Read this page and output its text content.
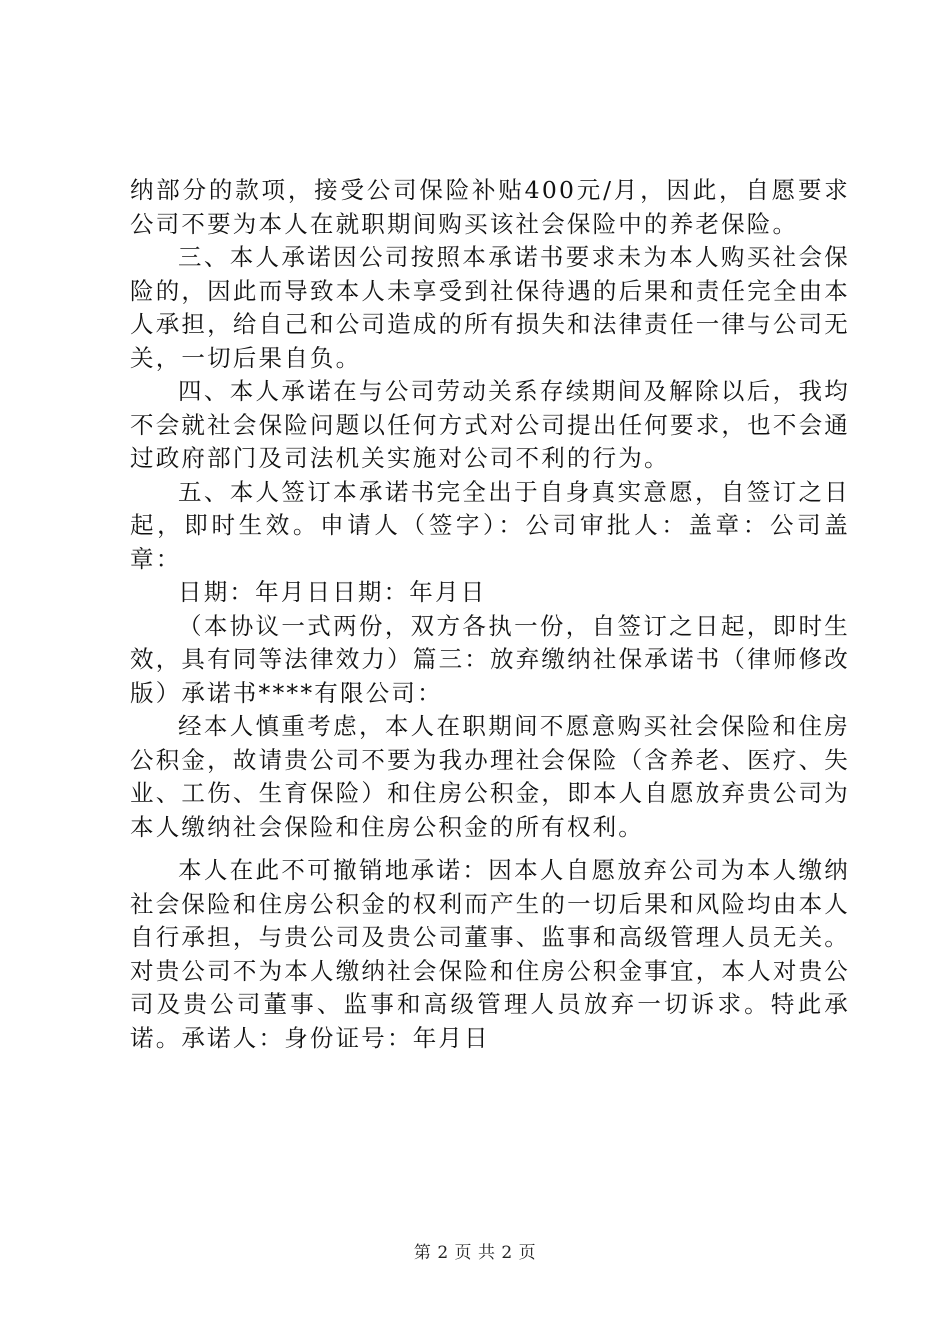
纳部分的款项，接受公司保险补贴400元/月，因此，自愿要求公司不要为本人在就职期间购买该社会保险中的养老保险。

三、本人承诺因公司按照本承诺书要求未为本人购买社会保险的，因此而导致本人未享受到社保待遇的后果和责任完全由本人承担，给自己和公司造成的所有损失和法律责任一律与公司无关，一切后果自负。

四、本人承诺在与公司劳动关系存续期间及解除以后，我均不会就社会保险问题以任何方式对公司提出任何要求，也不会通过政府部门及司法机关实施对公司不利的行为。

五、本人签订本承诺书完全出于自身真实意愿，自签订之日起，即时生效。申请人（签字）：公司审批人：盖章：公司盖章：

日期：年月日日期：年月日

（本协议一式两份，双方各执一份，自签订之日起，即时生效，具有同等法律效力）篇三：放弃缴纳社保承诺书（律师修改版）承诺书****有限公司：

经本人慎重考虑，本人在职期间不愿意购买社会保险和住房公积金，故请贵公司不要为我办理社会保险（含养老、医疗、失业、工伤、生育保险）和住房公积金，即本人自愿放弃贵公司为本人缴纳社会保险和住房公积金的所有权利。

本人在此不可撤销地承诺：因本人自愿放弃公司为本人缴纳社会保险和住房公积金的权利而产生的一切后果和风险均由本人自行承担，与贵公司及贵公司董事、监事和高级管理人员无关。对贵公司不为本人缴纳社会保险和住房公积金事宜，本人对贵公司及贵公司董事、监事和高级管理人员放弃一切诉求。特此承诺。承诺人：身份证号：年月日

第 2 页 共 2 页
